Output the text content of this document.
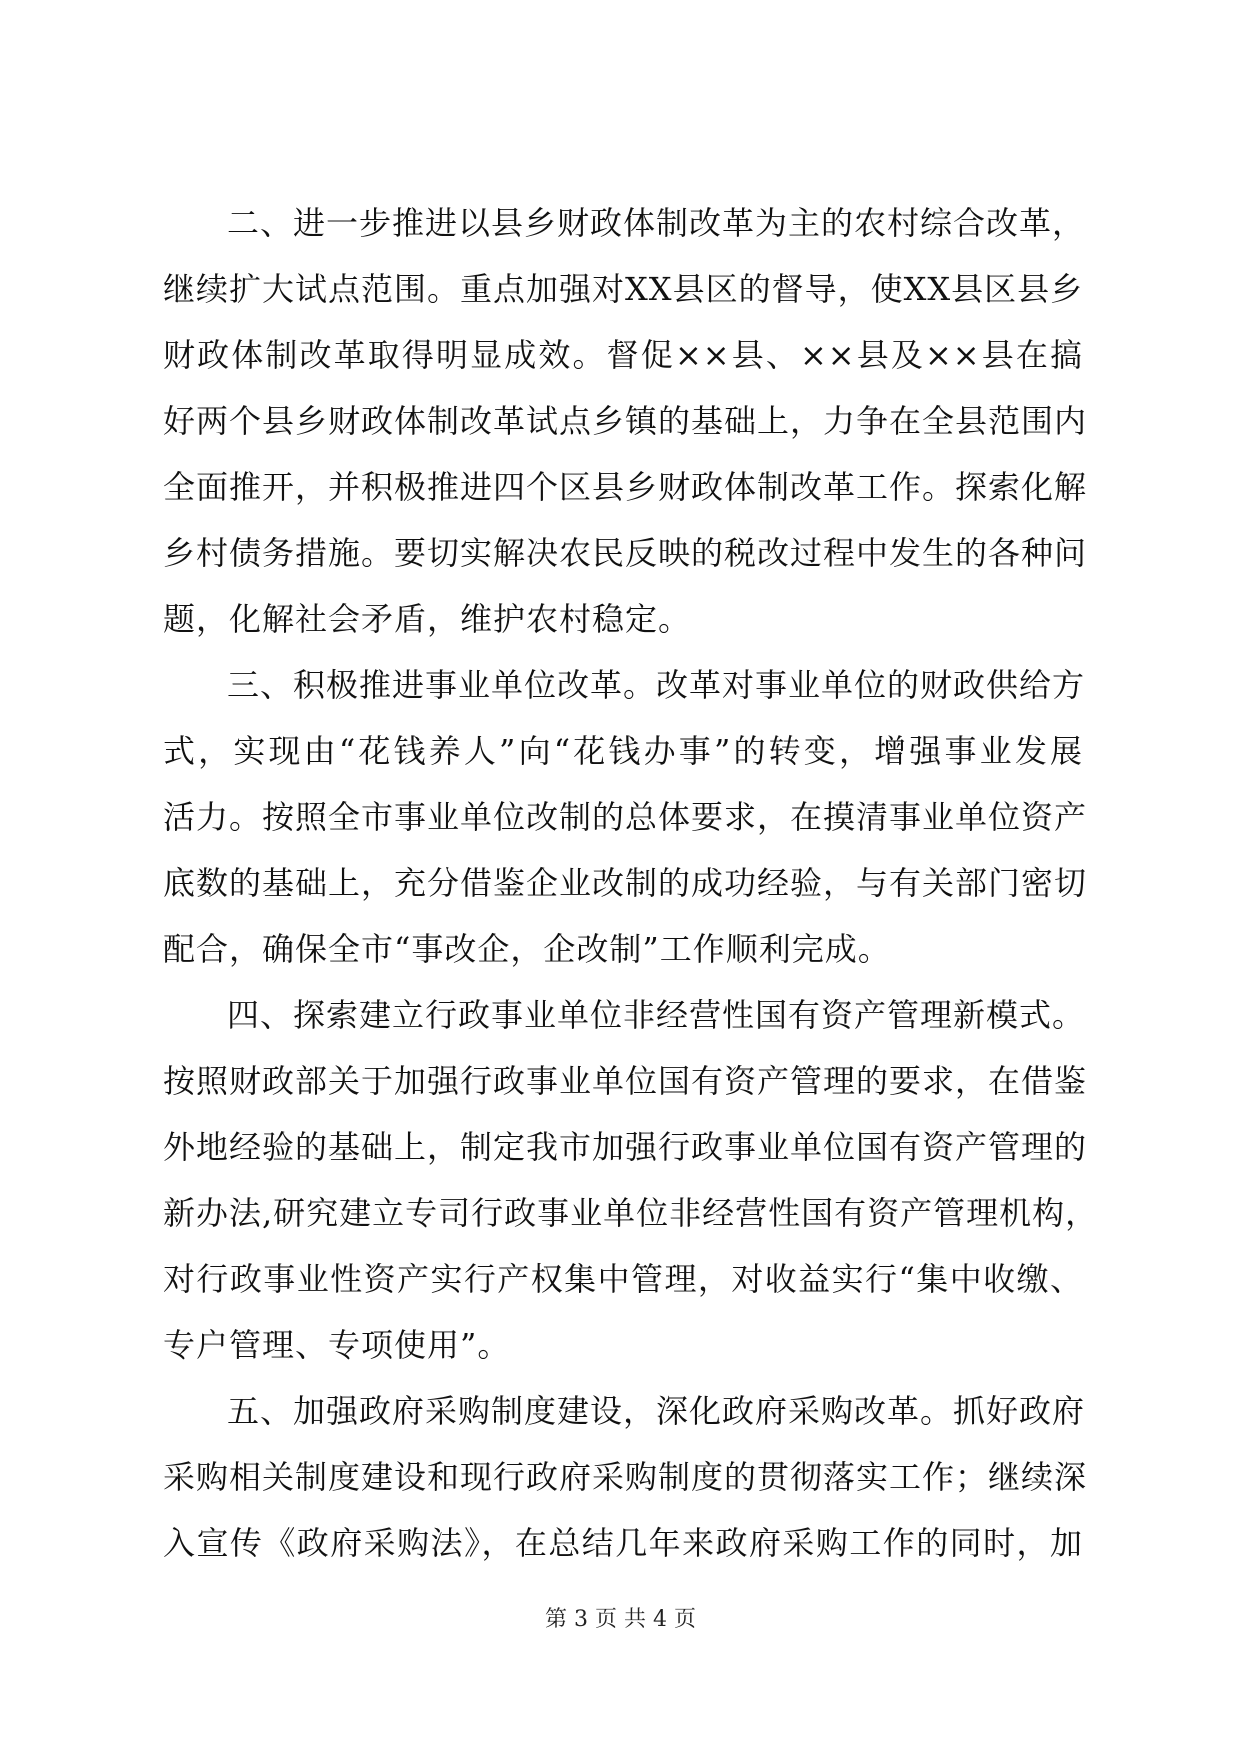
二、进一步推进以县乡财政体制改革为主的农村综合改革，
继续扩大试点范围。重点加强对XX县区的督导，使XX县区县乡
财政体制改革取得明显成效。督促××县、××县及××县在搞
好两个县乡财政体制改革试点乡镇的基础上，力争在全县范围内
全面推开，并积极推进四个区县乡财政体制改革工作。探索化解
乡村债务措施。要切实解决农民反映的税改过程中发生的各种问
题，化解社会矛盾，维护农村稳定。
三、积极推进事业单位改革。改革对事业单位的财政供给方
式，实现由“花钱养人”向“花钱办事”的转变，增强事业发展
活力。按照全市事业单位改制的总体要求，在摸清事业单位资产
底数的基础上，充分借鉴企业改制的成功经验，与有关部门密切
配合，确保全市“事改企，企改制”工作顺利完成。
四、探索建立行政事业单位非经营性国有资产管理新模式。
按照财政部关于加强行政事业单位国有资产管理的要求，在借鉴
外地经验的基础上，制定我市加强行政事业单位国有资产管理的
新办法,研究建立专司行政事业单位非经营性国有资产管理机构，
对行政事业性资产实行产权集中管理，对收益实行“集中收缴、
专户管理、专项使用”。
五、加强政府采购制度建设，深化政府采购改革。抓好政府
采购相关制度建设和现行政府采购制度的贯彻落实工作；继续深
入宣传《政府采购法》，在总结几年来政府采购工作的同时，加
第 3 页 共 4 页
